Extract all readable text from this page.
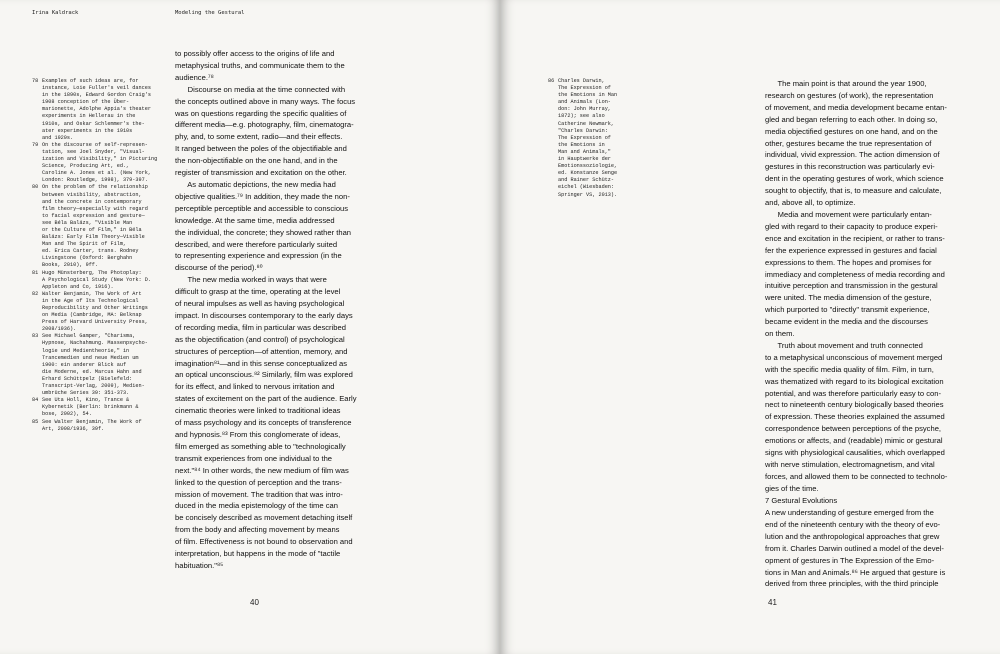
Irina Kaldrack	Modeling the Gestural
78 Examples of such ideas are, for
instance, Loie Fuller's veil dances
in the 1890s, Edward Gordon Craig's
1908 conception of the Über-
marionette, Adolphe Appia's theater
experiments in Hellerau in the
1910s, and Oskar Schlemmer's the-
ater experiments in the 1910s
and 1920s.
79 On the discourse of self-represen-
tation, see Joel Snyder, "Visual-
ization and Visibility," in Picturing
Science, Producing Art, ed.,
Caroline A. Jones et al. (New York,
London: Routledge, 1998), 379-397.
80 On the problem of the relationship
between visibility, abstraction,
and the concrete in contemporary
film theory—especially with regard
to facial expression and gesture—
see Béla Balázs, "Visible Man
or the Culture of Film," in Béla
Balázs: Early Film Theory—Visible
Man and The Spirit of Film,
ed. Erica Carter, trans. Rodney
Livingstone (Oxford: Berghahn
Books, 2010), 9ff.
81 Hugo Münsterberg, The Photoplay:
A Psychological Study (New York: D.
Appleton and Co, 1916).
82 Walter Benjamin, The Work of Art
in the Age of Its Technological
Reproducibility and Other Writings
on Media (Cambridge, MA: Belknap
Press of Harvard University Press,
2008/1936).
83 See Michael Gamper, "Charisma,
Hypnose, Nachahmung. Massenpsycho-
logie und Medientheorie," in
Trancemedien und neue Medien um
1900: ein anderer Blick auf
die Moderne, ed. Marcus Hahn and
Erhard Schüttpelz (Bielefeld:
Transcript-Verlag, 2009), Medien-
umbrüche Series 39: 351-373.
84 See Uta Holl, Kino, Trance &
Kybernetik (Berlin: brinkmann &
bose, 2002), 54.
85 See Walter Benjamin, The Work of
Art, 2008/1936, 39f.
to possibly offer access to the origins of life and
metaphysical truths, and communicate them to the
audience.⁷⁸
Discourse on media at the time connected with
the concepts outlined above in many ways. The focus
was on questions regarding the specific qualities of
different media—e.g. photography, film, cinematogra-
phy, and, to some extent, radio—and their effects.
It ranged between the poles of the objectifiable and
the non-objectifiable on the one hand, and in the
register of transmission and excitation on the other.
As automatic depictions, the new media had
objective qualities.⁷⁹ In addition, they made the non-
perceptible perceptible and accessible to conscious
knowledge. At the same time, media addressed
the individual, the concrete; they showed rather than
described, and were therefore particularly suited
to representing experience and expression (in the
discourse of the period).⁸⁰
The new media worked in ways that were
difficult to grasp at the time, operating at the level
of neural impulses as well as having psychological
impact. In discourses contemporary to the early days
of recording media, film in particular was described
as the objectification (and control) of psychological
structures of perception—of attention, memory, and
imagination⁸¹—and in this sense conceptualized as
an optical unconscious.⁸² Similarly, film was explored
for its effect, and linked to nervous irritation and
states of excitement on the part of the audience. Early
cinematic theories were linked to traditional ideas
of mass psychology and its concepts of transference
and hypnosis.⁸³ From this conglomerate of ideas,
film emerged as something able to "technologically
transmit experiences from one individual to the
next."⁸⁴ In other words, the new medium of film was
linked to the question of perception and the trans-
mission of movement. The tradition that was intro-
duced in the media epistemology of the time can
be concisely described as movement detaching itself
from the body and affecting movement by means
of film. Effectiveness is not bound to observation and
interpretation, but happens in the mode of "tactile
habituation."⁸⁵
40
86 Charles Darwin,
The Expression of
the Emotions in Man
and Animals (Lon-
don: John Murray,
1872); see also
Catherine Newmark,
"Charles Darwin:
The Expression of
the Emotions in
Man and Animals,"
in Hauptwerke der
Emotionssoziologie,
ed. Konstanze Senge
and Rainer Schütz-
eichel (Wiesbaden:
Springer VS, 2013).
The main point is that around the year 1900,
research on gestures (of work), the representation
of movement, and media development became entan-
gled and began referring to each other. In doing so,
media objectified gestures on one hand, and on the
other, gestures became the true representation of
individual, vivid expression. The action dimension of
gestures in this reconstruction was particularly evi-
dent in the operating gestures of work, which science
sought to objectify, that is, to measure and calculate,
and, above all, to optimize.
Media and movement were particularly entan-
gled with regard to their capacity to produce experi-
ence and excitation in the recipient, or rather to trans-
fer the experience expressed in gestures and facial
expressions to them. The hopes and promises for
immediacy and completeness of media recording and
intuitive perception and transmission in the gestural
were united. The media dimension of the gesture,
which purported to "directly" transmit experience,
became evident in the media and the discourses
on them.
Truth about movement and truth connected
to a metaphysical unconscious of movement merged
with the specific media quality of film. Film, in turn,
was thematized with regard to its biological excitation
potential, and was therefore particularly easy to con-
nect to nineteenth century biologically based theories
of expression. These theories explained the assumed
correspondence between perceptions of the psyche,
emotions or affects, and (readable) mimic or gestural
signs with physiological causalities, which overlapped
with nerve stimulation, electromagnetism, and vital
forces, and allowed them to be connected to technolo-
gies of the time.
7 Gestural Evolutions
A new understanding of gesture emerged from the
end of the nineteenth century with the theory of evo-
lution and the anthropological approaches that grew
from it. Charles Darwin outlined a model of the devel-
opment of gestures in The Expression of the Emo-
tions in Man and Animals.⁸⁶ He argued that gesture is
derived from three principles, with the third principle
41
